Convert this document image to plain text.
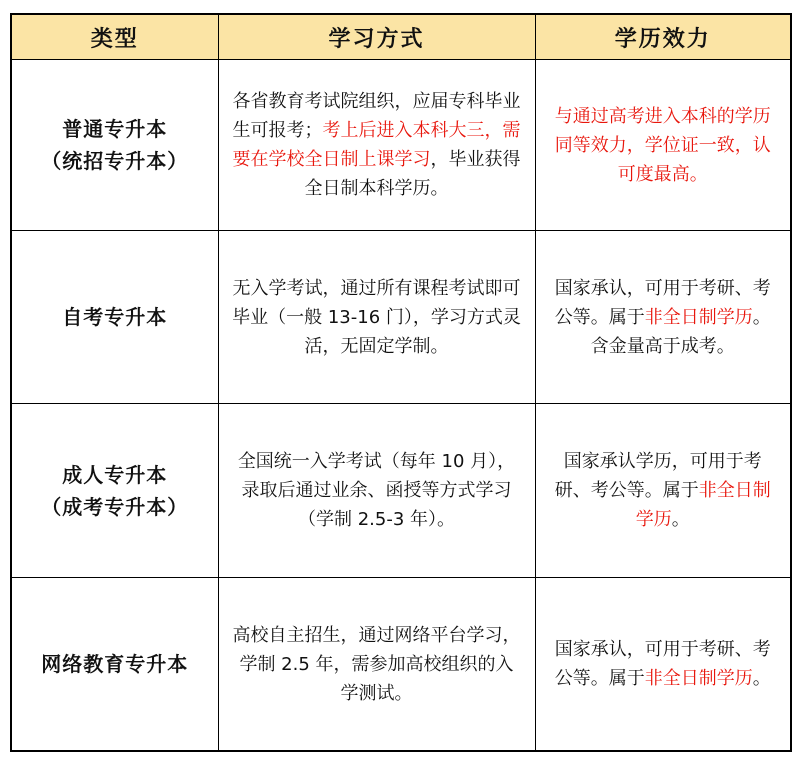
类型	学习方式	学历效力

普通专升本
（统招专升本）	各省教育考试院组织，应届专科毕业生可报考；考上后进入本科大三，需要在学校全日制上课学习，毕业获得全日制本科学历。	与通过高考进入本科的学历同等效力，学位证一致，认可度最高。

自考专升本	无入学考试，通过所有课程考试即可毕业（一般 13-16 门），学习方式灵活，无固定学制。	国家承认，可用于考研、考公等。属于非全日制学历。含金量高于成考。

成人专升本
（成考专升本）	全国统一入学考试（每年 10 月），录取后通过业余、函授等方式学习（学制 2.5-3 年）。	国家承认学历，可用于考研、考公等。属于非全日制学历。

网络教育专升本	高校自主招生，通过网络平台学习，学制 2.5 年，需参加高校组织的入学测试。	国家承认，可用于考研、考公等。属于非全日制学历。
